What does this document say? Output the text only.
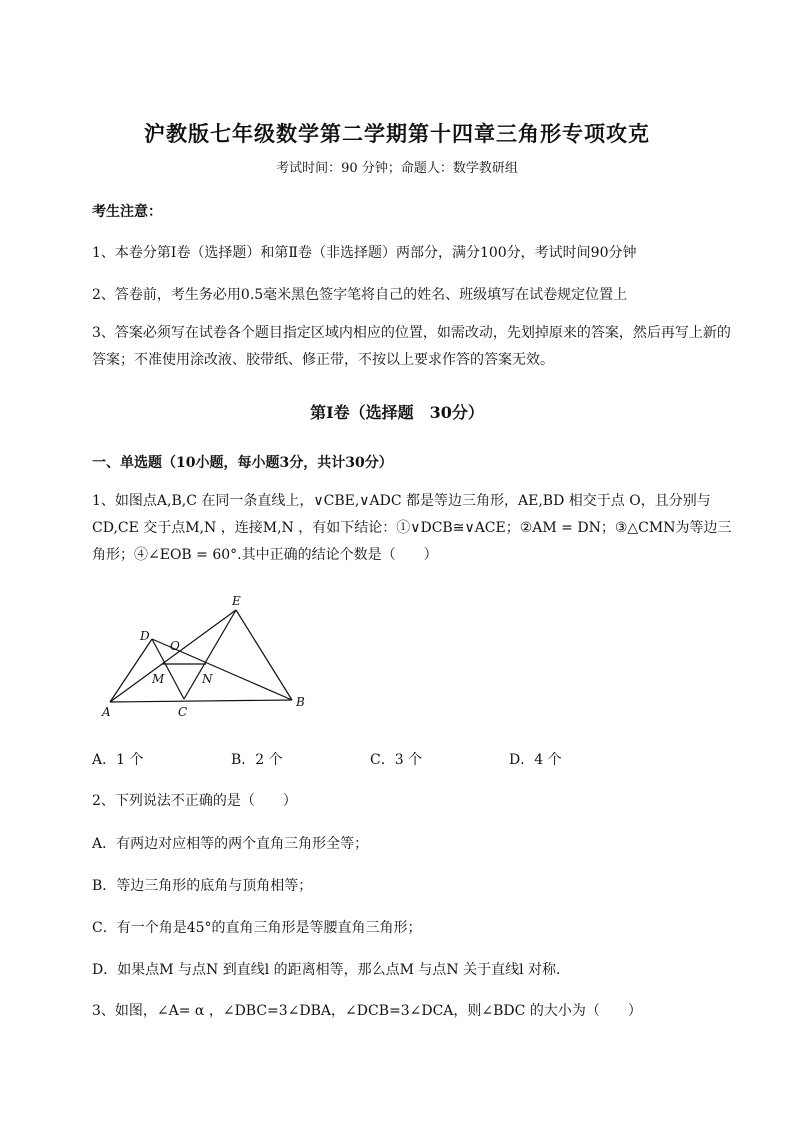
沪教版七年级数学第二学期第十四章三角形专项攻克
考试时间：90 分钟；命题人：数学教研组
考生注意：
1、本卷分第Ⅰ卷（选择题）和第Ⅱ卷（非选择题）两部分，满分100分，考试时间90分钟
2、答卷前，考生务必用0.5毫米黑色签字笔将自己的姓名、班级填写在试卷规定位置上
3、答案必须写在试卷各个题目指定区域内相应的位置，如需改动，先划掉原来的答案，然后再写上新的答案；不准使用涂改液、胶带纸、修正带，不按以上要求作答的答案无效。
第Ⅰ卷（选择题　30分）
一、单选题（10小题，每小题3分，共计30分）
1、如图点A,B,C 在同一条直线上，∨CBE,∨ADC 都是等边三角形，AE,BD 相交于点 O，且分别与 CD,CE 交于点M,N ，连接M,N ，有如下结论：①∨DCB≅∨ACE；②AM = DN；③△CMN为等边三角形；④∠EOB = 60°.其中正确的结论个数是（　　）
E
D
O
M	N
A	C
B
A．1 个	B．2 个	C．3 个	D．4 个
2、下列说法不正确的是（　　）
A．有两边对应相等的两个直角三角形全等；
B．等边三角形的底角与顶角相等；
C．有一个角是45°的直角三角形是等腰直角三角形；
D．如果点M 与点N 到直线l 的距离相等，那么点M 与点N 关于直线l 对称．
3、如图，∠A= α ，∠DBC=3∠DBA，∠DCB=3∠DCA，则∠BDC 的大小为（　　）
